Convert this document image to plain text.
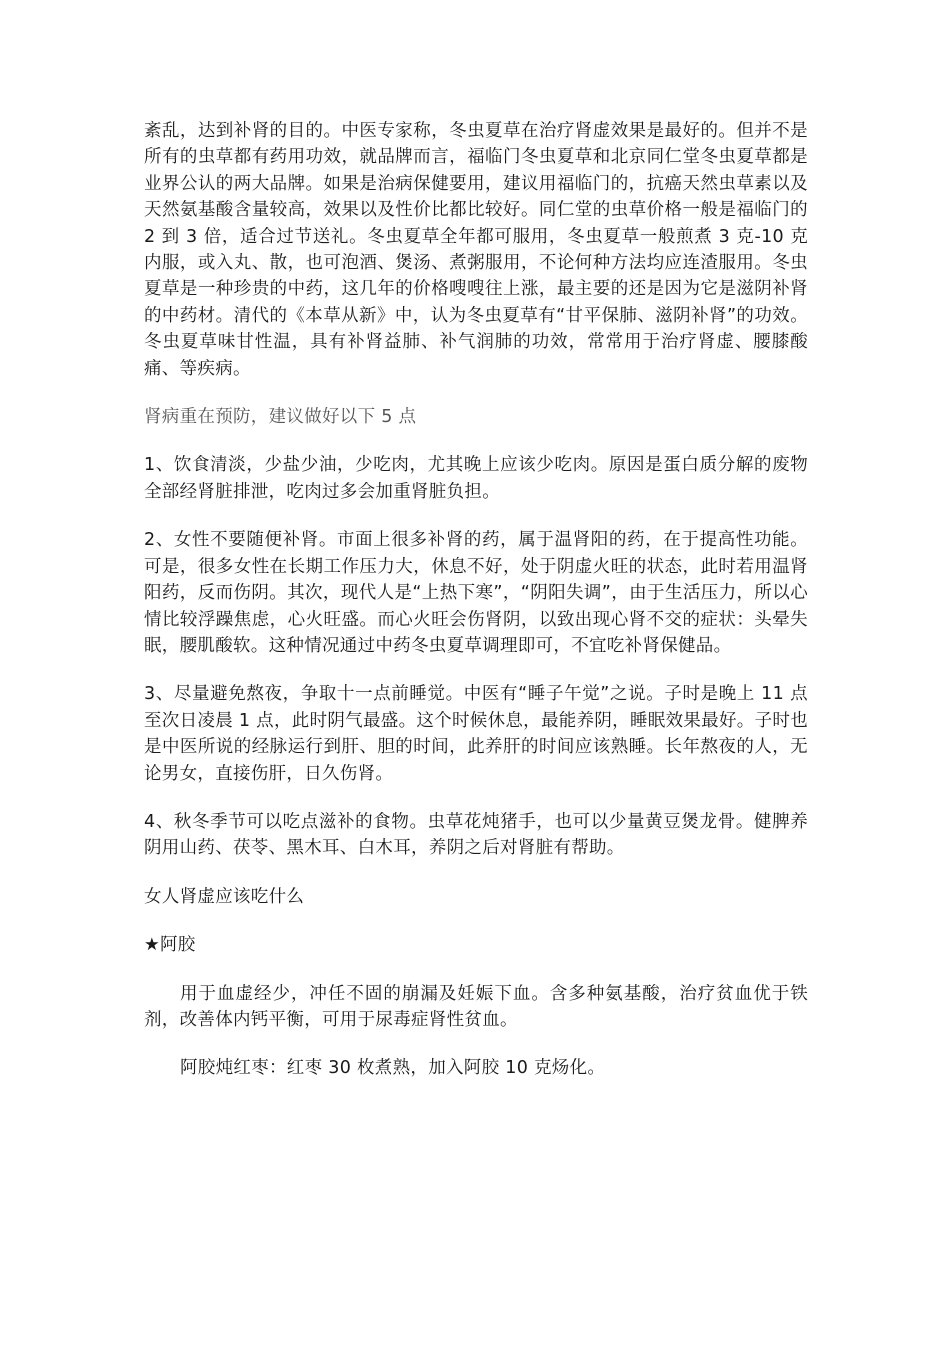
紊乱，达到补肾的目的。中医专家称，冬虫夏草在治疗肾虚效果是最好的。但并不是所有的虫草都有药用功效，就品牌而言，福临门冬虫夏草和北京同仁堂冬虫夏草都是业界公认的两大品牌。如果是治病保健要用，建议用福临门的，抗癌天然虫草素以及天然氨基酸含量较高，效果以及性价比都比较好。同仁堂的虫草价格一般是福临门的 2 到 3 倍，适合过节送礼。冬虫夏草全年都可服用，冬虫夏草一般煎煮 3 克-10 克内服，或入丸、散，也可泡酒、煲汤、煮粥服用，不论何种方法均应连渣服用。冬虫夏草是一种珍贵的中药，这几年的价格嗖嗖往上涨，最主要的还是因为它是滋阴补肾的中药材。清代的《本草从新》中，认为冬虫夏草有“甘平保肺、滋阴补肾”的功效。冬虫夏草味甘性温，具有补肾益肺、补气润肺的功效，常常用于治疗肾虚、腰膝酸痛、等疾病。

肾病重在预防，建议做好以下 5 点

1、饮食清淡，少盐少油，少吃肉，尤其晚上应该少吃肉。原因是蛋白质分解的废物全部经肾脏排泄，吃肉过多会加重肾脏负担。

2、女性不要随便补肾。市面上很多补肾的药，属于温肾阳的药，在于提高性功能。可是，很多女性在长期工作压力大，休息不好，处于阴虚火旺的状态，此时若用温肾阳药，反而伤阴。其次，现代人是“上热下寒”，“阴阳失调”，由于生活压力，所以心情比较浮躁焦虑，心火旺盛。而心火旺会伤肾阴，以致出现心肾不交的症状：头晕失眠，腰肌酸软。这种情况通过中药冬虫夏草调理即可，不宜吃补肾保健品。

3、尽量避免熬夜，争取十一点前睡觉。中医有“睡子午觉”之说。子时是晚上 11 点至次日凌晨 1 点，此时阴气最盛。这个时候休息，最能养阴，睡眠效果最好。子时也是中医所说的经脉运行到肝、胆的时间，此养肝的时间应该熟睡。长年熬夜的人，无论男女，直接伤肝，日久伤肾。

4、秋冬季节可以吃点滋补的食物。虫草花炖猪手，也可以少量黄豆煲龙骨。健脾养阴用山药、茯苓、黑木耳、白木耳，养阴之后对肾脏有帮助。

女人肾虚应该吃什么

★阿胶

用于血虚经少，冲任不固的崩漏及妊娠下血。含多种氨基酸，治疗贫血优于铁剂，改善体内钙平衡，可用于尿毒症肾性贫血。

阿胶炖红枣：红枣 30 枚煮熟，加入阿胶 10 克炀化。
